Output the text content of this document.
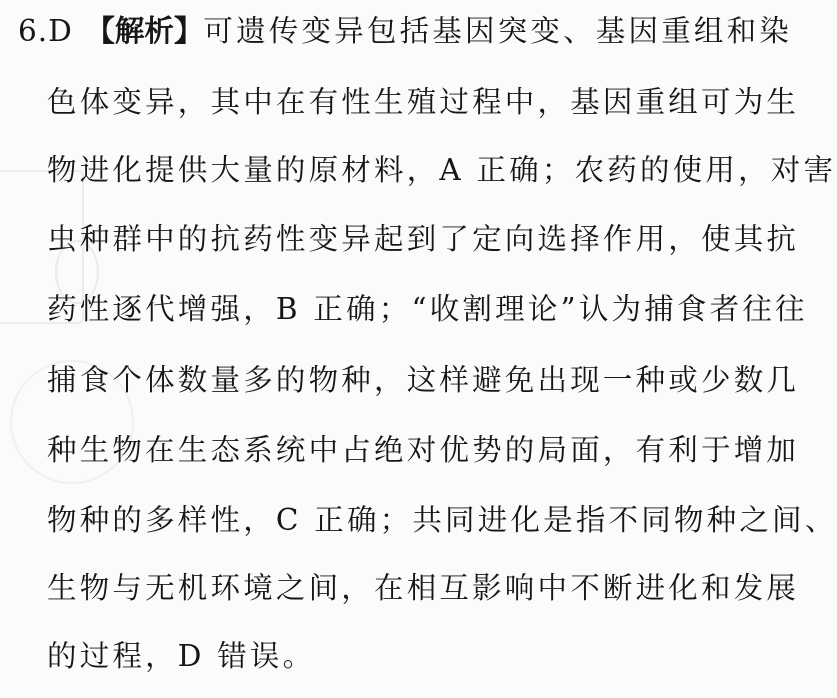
6.D 【解析】可遗传变异包括基因突变、基因重组和染
色体变异，其中在有性生殖过程中，基因重组可为生
物进化提供大量的原材料，A 正确；农药的使用，对害
虫种群中的抗药性变异起到了定向选择作用，使其抗
药性逐代增强，B 正确；“收割理论”认为捕食者往往
捕食个体数量多的物种，这样避免出现一种或少数几
种生物在生态系统中占绝对优势的局面，有利于增加
物种的多样性，C 正确；共同进化是指不同物种之间、
生物与无机环境之间，在相互影响中不断进化和发展
的过程，D 错误。
